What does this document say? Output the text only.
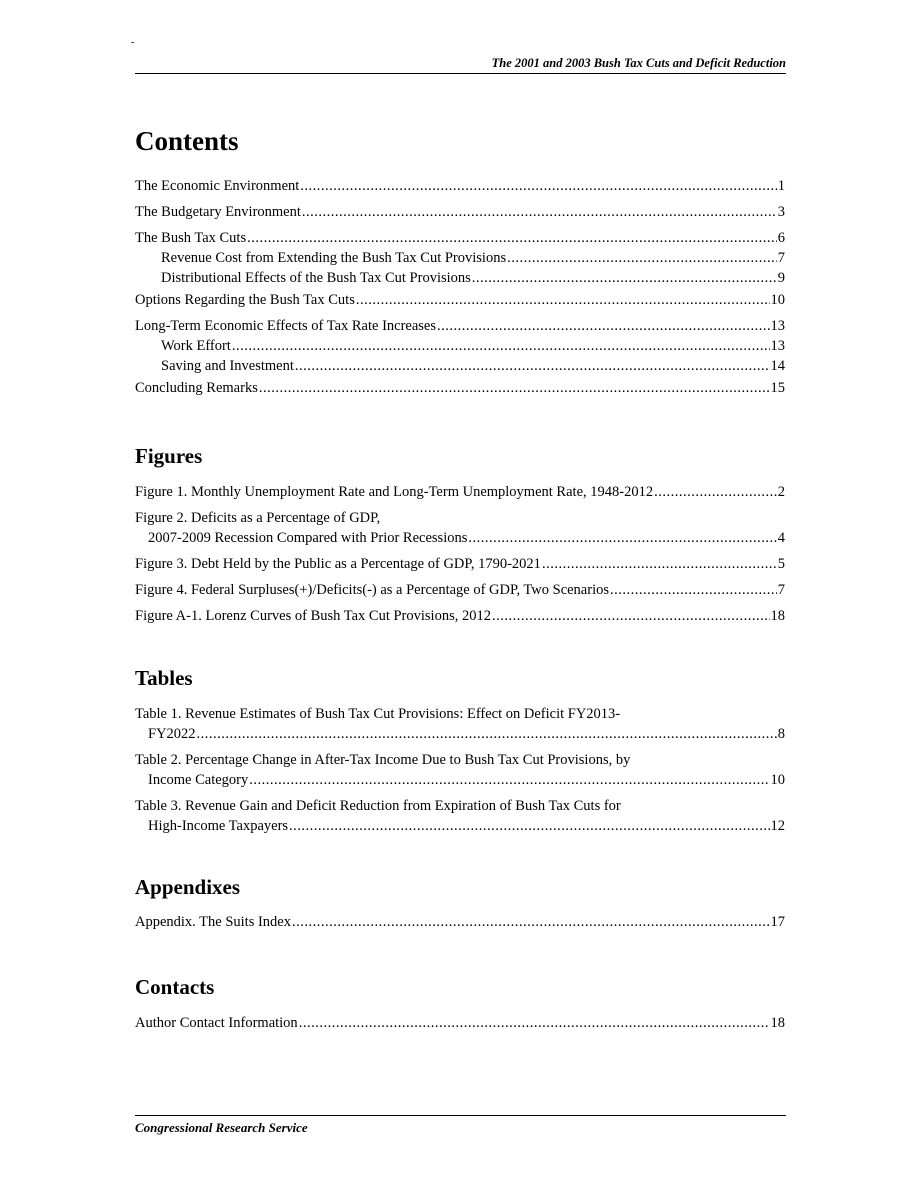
-
The 2001 and 2003 Bush Tax Cuts and Deficit Reduction
Contents
The Economic Environment .....	1
The Budgetary Environment .....	3
The Bush Tax Cuts .....	6
Revenue Cost from Extending the Bush Tax Cut Provisions .....	7
Distributional Effects of the Bush Tax Cut Provisions .....	9
Options Regarding the Bush Tax Cuts .....	10
Long-Term Economic Effects of Tax Rate Increases .....	13
Work Effort .....	13
Saving and Investment .....	14
Concluding Remarks .....	15
Figures
Figure 1. Monthly Unemployment Rate and Long-Term Unemployment Rate, 1948-2012 .....	2
Figure 2. Deficits as a Percentage of GDP,
2007-2009 Recession Compared with Prior Recessions .....	4
Figure 3. Debt Held by the Public as a Percentage of GDP, 1790-2021 .....	5
Figure 4. Federal Surpluses(+)/Deficits(-) as a Percentage of GDP, Two Scenarios .....	7
Figure A-1. Lorenz Curves of Bush Tax Cut Provisions, 2012 .....	18
Tables
Table 1. Revenue Estimates of Bush Tax Cut Provisions: Effect on Deficit FY2013-
FY2022 .....	8
Table 2. Percentage Change in After-Tax Income Due to Bush Tax Cut Provisions, by
Income Category .....	10
Table 3. Revenue Gain and Deficit Reduction from Expiration of Bush Tax Cuts for
High-Income Taxpayers .....	12
Appendixes
Appendix. The Suits Index .....	17
Contacts
Author Contact Information .....	18
Congressional Research Service
